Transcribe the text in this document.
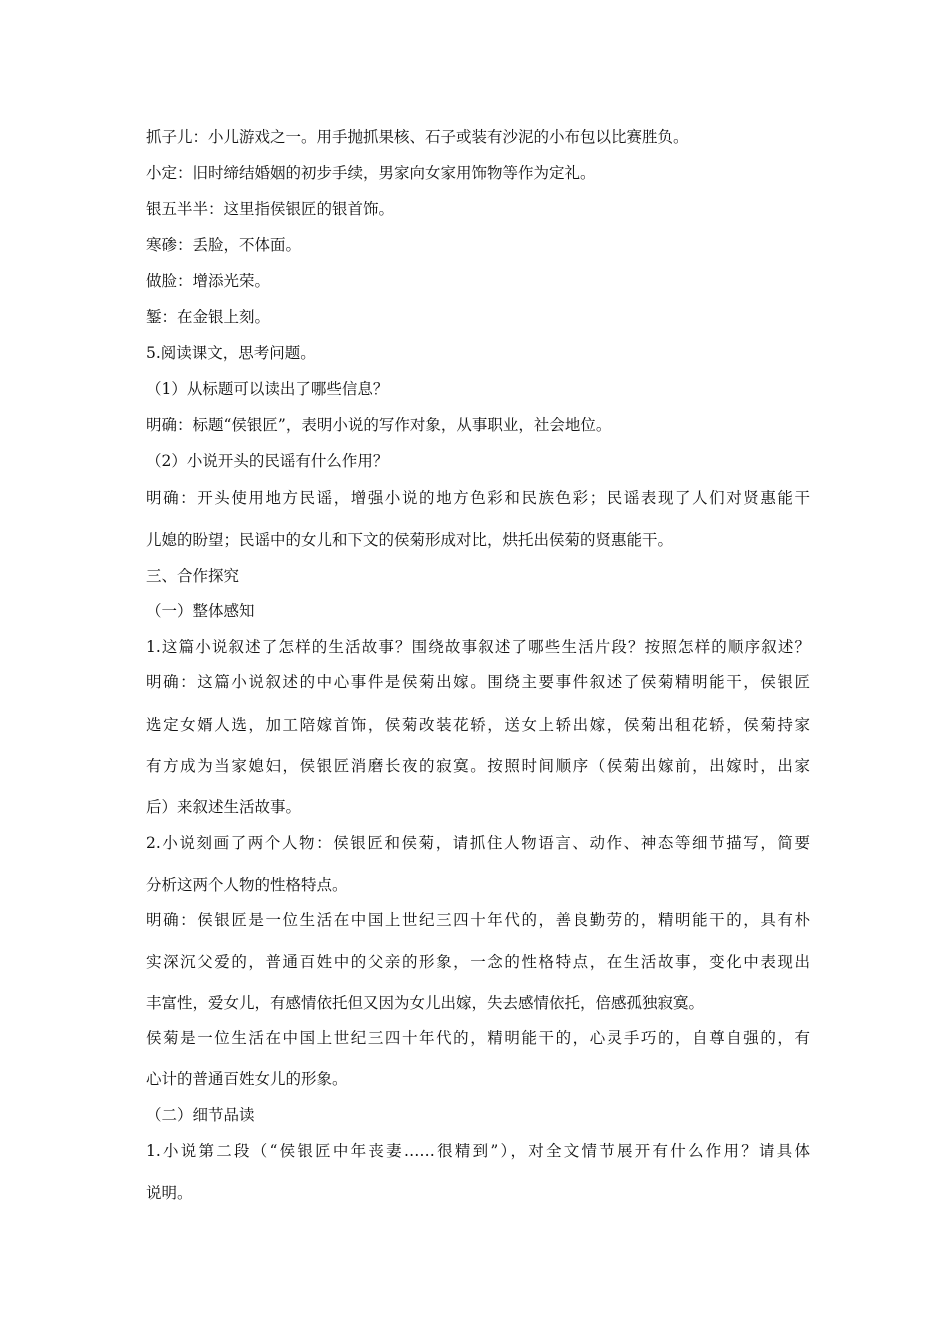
抓子儿：小儿游戏之一。用手抛抓果核、石子或装有沙泥的小布包以比赛胜负。
小定：旧时缔结婚姻的初步手续，男家向女家用饰物等作为定礼。
银五半半：这里指侯银匠的银首饰。
寒碜：丢脸，不体面。
做脸：增添光荣。
錾：在金银上刻。
5.阅读课文，思考问题。
（1）从标题可以读出了哪些信息？
明确：标题“侯银匠”，表明小说的写作对象，从事职业，社会地位。
（2）小说开头的民谣有什么作用？
明确：开头使用地方民谣，增强小说的地方色彩和民族色彩；民谣表现了人们对贤惠能干
儿媳的盼望；民谣中的女儿和下文的侯菊形成对比，烘托出侯菊的贤惠能干。
三、合作探究
（一）整体感知
1.这篇小说叙述了怎样的生活故事？围绕故事叙述了哪些生活片段？按照怎样的顺序叙述？
明确：这篇小说叙述的中心事件是侯菊出嫁。围绕主要事件叙述了侯菊精明能干，侯银匠
选定女婿人选，加工陪嫁首饰，侯菊改装花轿，送女上轿出嫁，侯菊出租花轿，侯菊持家
有方成为当家媳妇，侯银匠消磨长夜的寂寞。按照时间顺序（侯菊出嫁前，出嫁时，出家
后）来叙述生活故事。
2.小说刻画了两个人物：侯银匠和侯菊，请抓住人物语言、动作、神态等细节描写，简要
分析这两个人物的性格特点。
明确：侯银匠是一位生活在中国上世纪三四十年代的，善良勤劳的，精明能干的，具有朴
实深沉父爱的，普通百姓中的父亲的形象，一念的性格特点，在生活故事，变化中表现出
丰富性，爱女儿，有感情依托但又因为女儿出嫁，失去感情依托，倍感孤独寂寞。
侯菊是一位生活在中国上世纪三四十年代的，精明能干的，心灵手巧的，自尊自强的，有
心计的普通百姓女儿的形象。
（二）细节品读
1.小说第二段（“侯银匠中年丧妻……很精到”），对全文情节展开有什么作用？请具体
说明。
